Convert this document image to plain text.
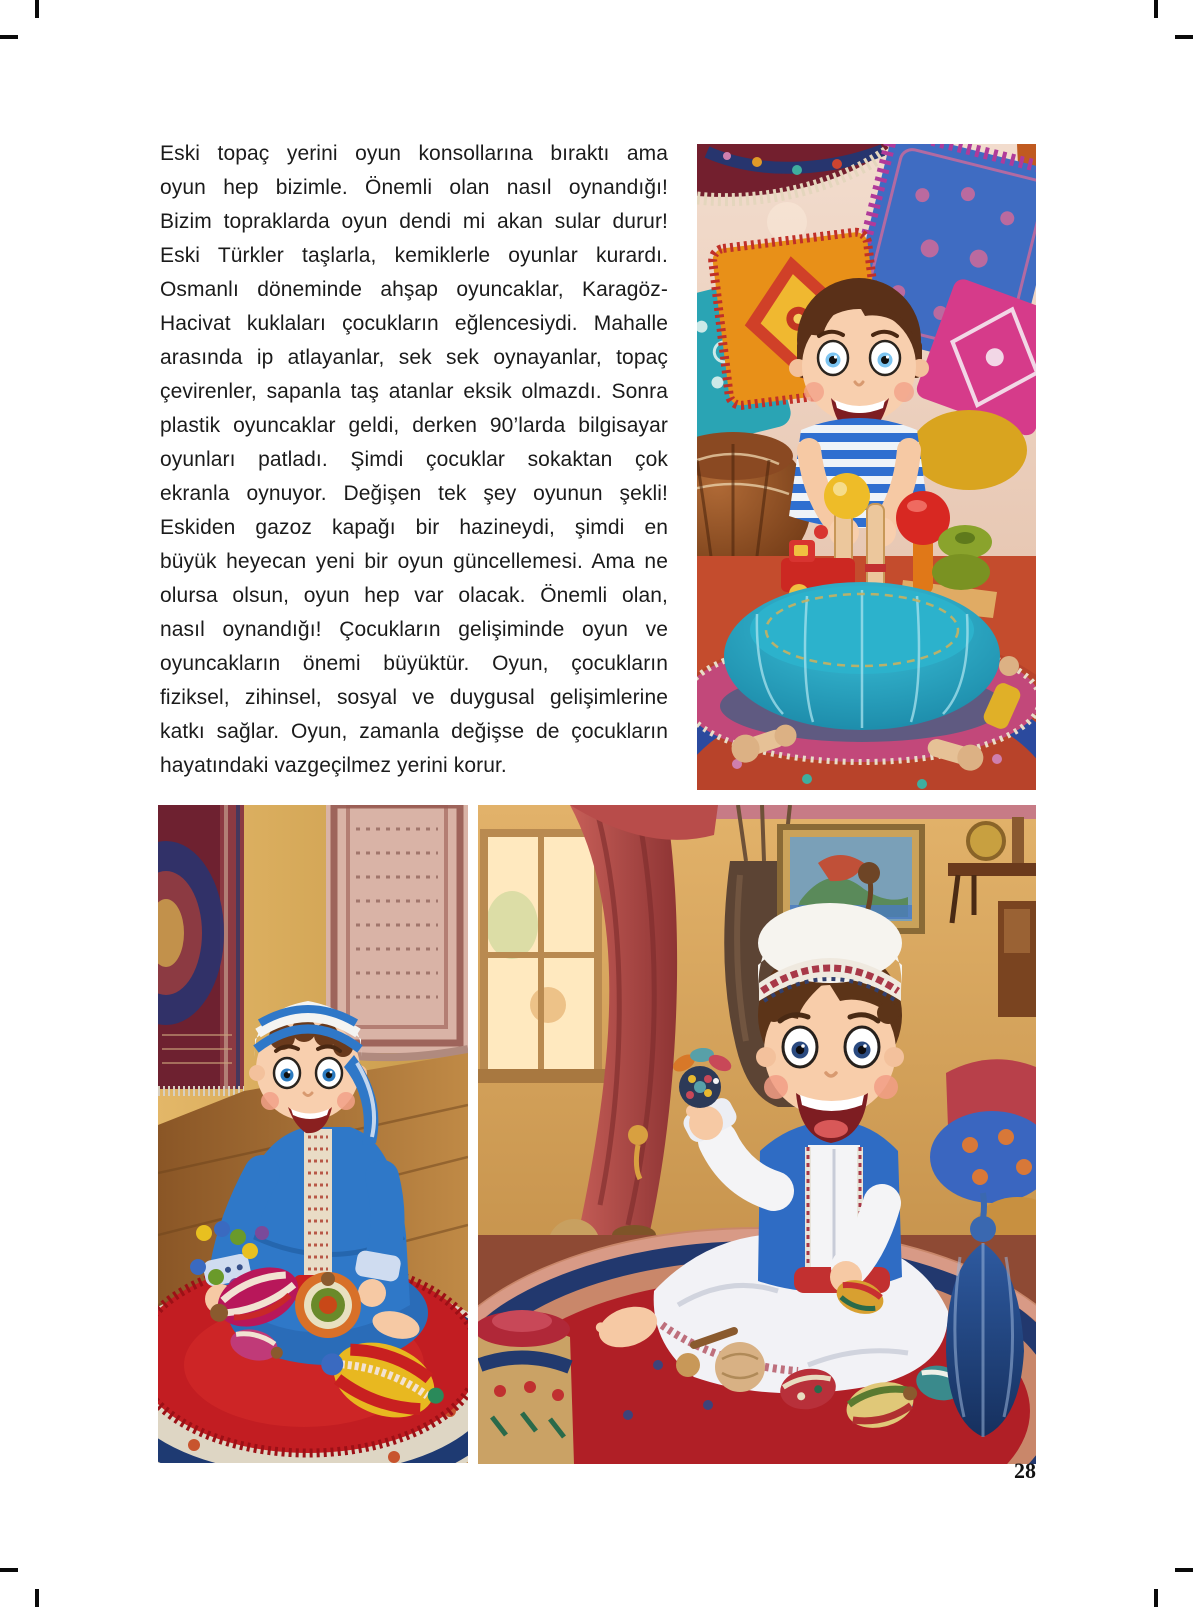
Eski topaç yerini oyun konsollarına bıraktı ama
oyun hep bizimle. Önemli olan nasıl oynandığı!
Bizim topraklarda oyun dendi mi akan sular durur!
Eski Türkler taşlarla, kemiklerle oyunlar kurardı.
Osmanlı döneminde ahşap oyuncaklar, Karagöz-
Hacivat kuklaları çocukların eğlencesiydi. Mahalle
arasında ip atlayanlar, sek sek oynayanlar, topaç
çevirenler, sapanla taş atanlar eksik olmazdı. Sonra
plastik oyuncaklar geldi, derken 90’larda bilgisayar
oyunları patladı. Şimdi çocuklar sokaktan çok
ekranla oynuyor. Değişen tek şey oyunun şekli!
Eskiden gazoz kapağı bir hazineydi, şimdi en
büyük heyecan yeni bir oyun güncellemesi. Ama ne
olursa olsun, oyun hep var olacak. Önemli olan,
nasıl oynandığı! Çocukların gelişiminde oyun ve
oyuncakların önemi büyüktür. Oyun, çocukların
fiziksel, zihinsel, sosyal ve duygusal gelişimlerine
katkı sağlar. Oyun, zamanla değişse de çocukların
hayatındaki vazgeçilmez yerini korur.
28
